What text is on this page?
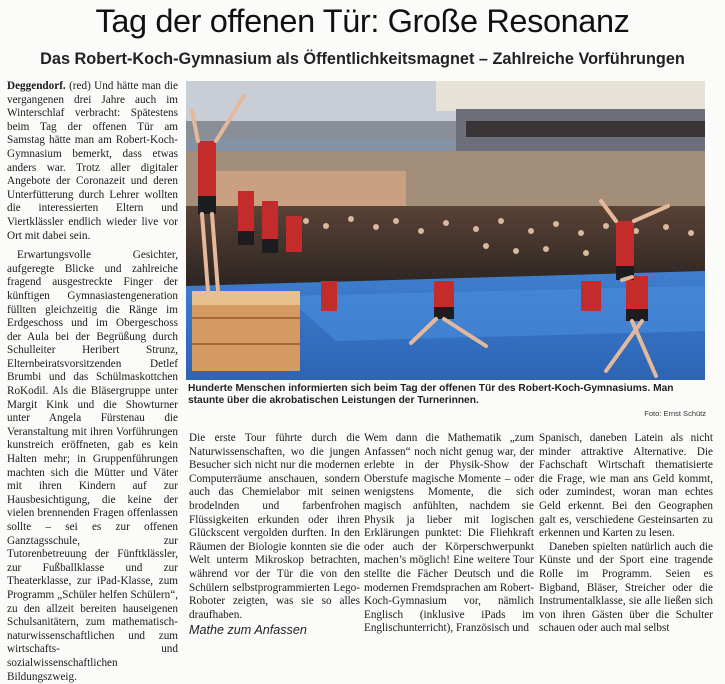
Tag der offenen Tür: Große Resonanz
Das Robert-Koch-Gymnasium als Öffentlichkeitsmagnet – Zahlreiche Vorführungen

Hunderte Menschen informierten sich beim Tag der offenen Tür des Robert-Koch-Gymnasiums. Man staunte über die akrobatischen Leistungen der Turnerinnen.

Foto: Ernst Schütz

Deggendorf. (red) Und hätte man die vergangenen drei Jahre auch im Winterschlaf verbracht: Spätestens beim Tag der offenen Tür am Samstag hätte man am Robert-Koch-Gymnasium bemerkt, dass etwas anders war. Trotz aller digitaler Angebote der Coronazeit und deren Unterfütterung durch Lehrer wollten die interessierten Eltern und Viertklässler endlich wieder live vor Ort mit dabei sein.

Erwartungsvolle Gesichter, aufgeregte Blicke und zahlreiche fragend ausgestreckte Finger der künftigen Gymnasiastengeneration füllten gleichzeitig die Ränge im Erdgeschoss und im Obergeschoss der Aula bei der Begrüßung durch Schulleiter Heribert Strunz, Elternbeiratsvorsitzenden Detlef Brumbi und das Schülmaskottchen RoKodil. Als die Bläsergruppe unter Margit Kink und die Showturner unter Angela Fürstenau die Veranstaltung mit ihren Vorführungen kunstreich eröffneten, gab es kein Halten mehr; in Gruppenführungen machten sich die Mütter und Väter mit ihren Kindern auf zur Hausbesichtigung, die keine der vielen brennenden Fragen offenlassen sollte – sei es zur offenen Ganztagsschule, zur Tutorenbetreuung der Fünftklässler, zur Fußballklasse und zur Theaterklasse, zur iPad-Klasse, zum Programm „Schüler helfen Schülern“, zu den allzeit bereiten hauseigenen Schulsanitätern, zum mathematisch-naturwissenschaftlichen und zum wirtschafts- und sozialwissenschaftlichen Bildungszweig.

Die erste Tour führte durch die Naturwissenschaften, wo die jungen Besucher sich nicht nur die modernen Computerräume anschauen, sondern auch das Chemielabor mit seinen brodelnden und farbenfrohen Flüssigkeiten erkunden oder ihren Glückscent vergolden durften. In den Räumen der Biologie konnten sie die Welt unterm Mikroskop betrachten, während vor der Tür die von den Schülern selbstprogrammierten Lego-Roboter zeigten, was sie so alles draufhaben.

Mathe zum Anfassen

Wem dann die Mathematik „zum Anfassen“ noch nicht genug war, der erlebte in der Physik-Show der Oberstufe magische Momente – oder wenigstens Momente, die sich magisch anfühlten, nachdem sie Physik ja lieber mit logischen Erklärungen punktet: Die Fliehkraft oder auch der Körperschwerpunkt machen’s möglich! Eine weitere Tour stellte die Fächer Deutsch und die modernen Fremdsprachen am Robert-Koch-Gymnasium vor, nämlich Englisch (inklusive iPads im Englischunterricht), Französisch und

Spanisch, daneben Latein als nicht minder attraktive Alternative. Die Fachschaft Wirtschaft thematisierte die Frage, wie man ans Geld kommt, oder zumindest, woran man echtes Geld erkennt. Bei den Geographen galt es, verschiedene Gesteinsarten zu erkennen und Karten zu lesen.

Daneben spielten natürlich auch die Künste und der Sport eine tragende Rolle im Programm. Seien es Bigband, Bläser, Streicher oder die Instrumentalklasse, sie alle ließen sich von ihren Gästen über die Schulter schauen oder auch mal selbst
